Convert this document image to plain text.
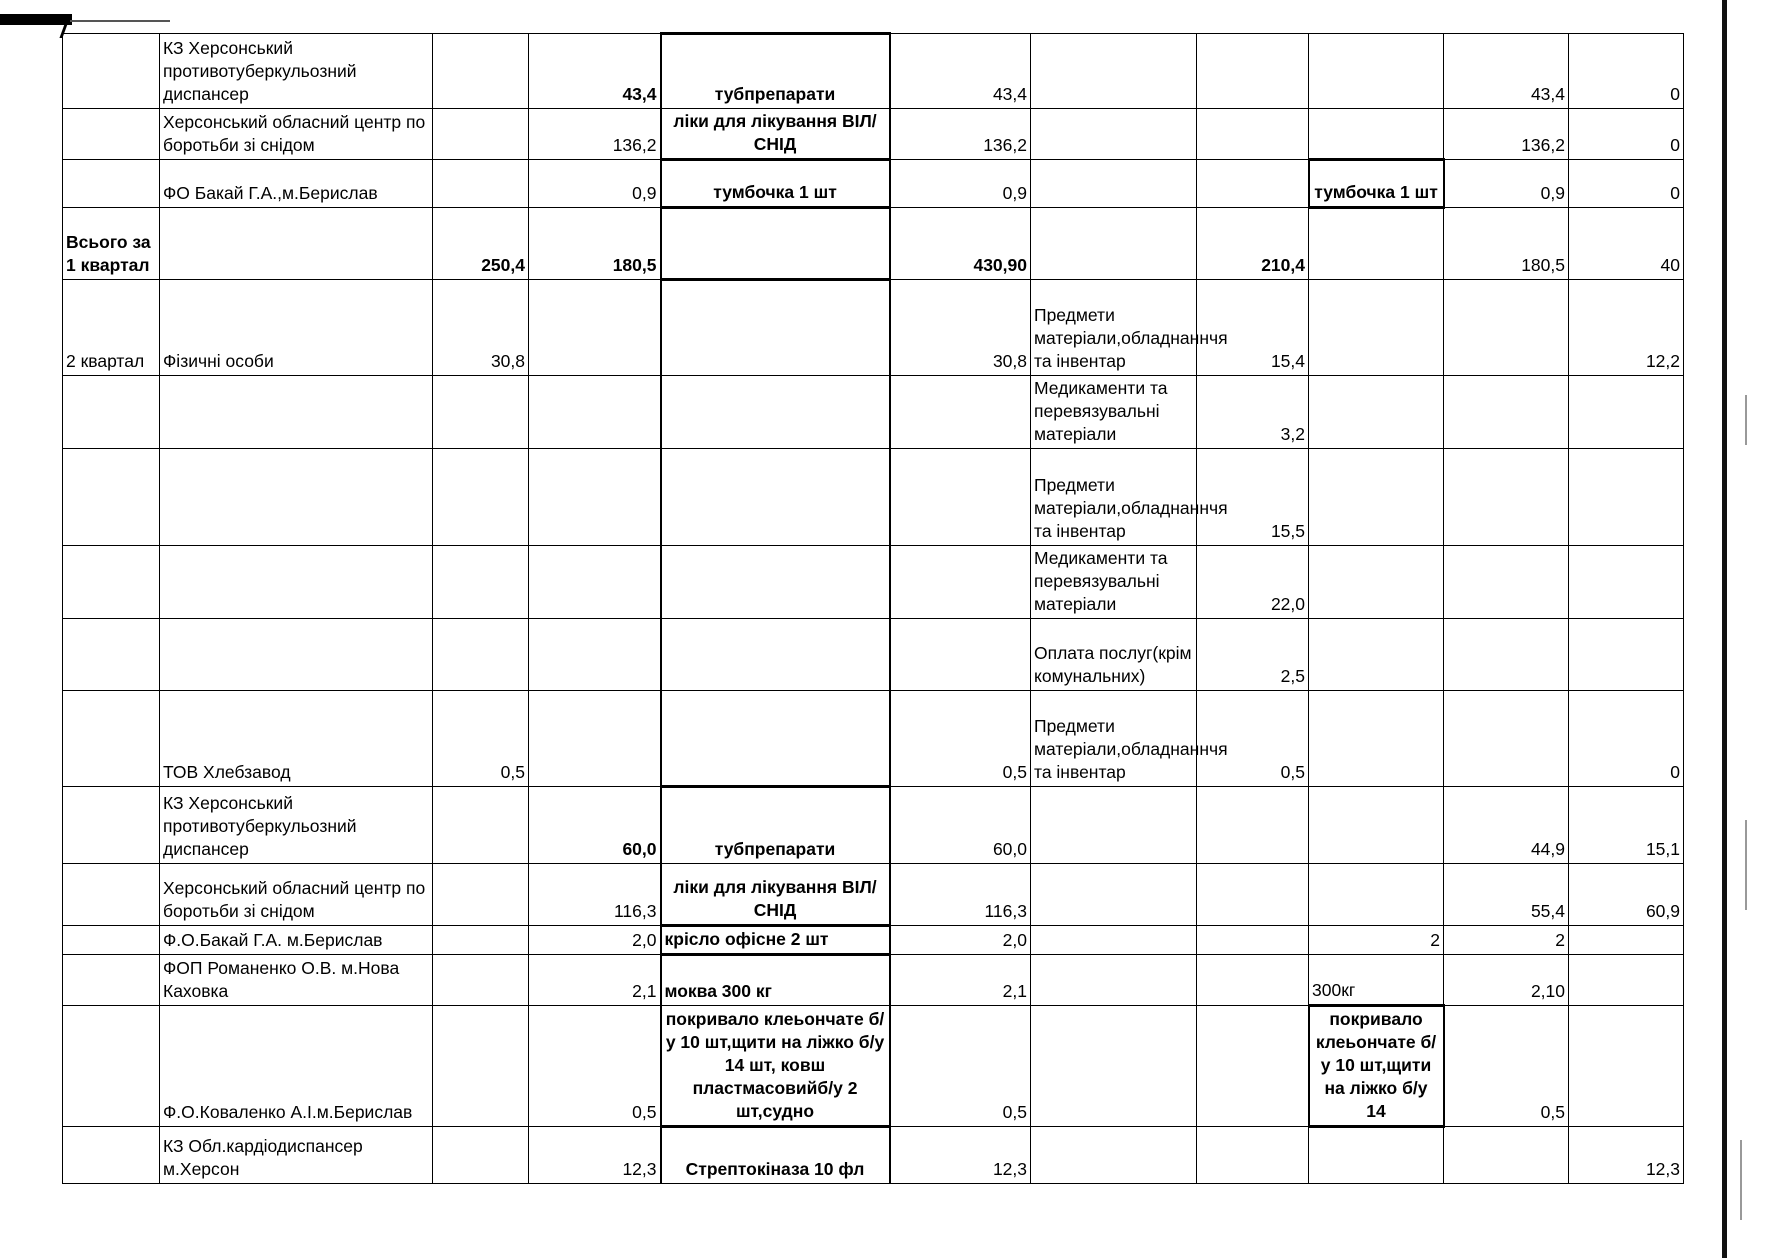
	КЗ Херсонський противотуберкульозний диспансер		43,4	тубпрепарати	43,4				43,4	0
	Херсонський обласний центр по боротьби зі снідом		136,2	ліки для лікування ВІЛ/СНІД	136,2				136,2	0
	ФО Бакай Г.А.,м.Берислав		0,9	тумбочка 1 шт	0,9			тумбочка 1 шт	0,9	0
Всього за 1 квартал		250,4	180,5		430,90		210,4		180,5	40
2 квартал	Фізичні особи	30,8			30,8	Предмети матеріали,обладнаннчя та інвентар	15,4			12,2
						Медикаменти та перевязувальні матеріали	3,2			
						Предмети матеріали,обладнаннчя та інвентар	15,5			
						Медикаменти та перевязувальні матеріали	22,0			
						Оплата послуг(крім комунальних)	2,5			
	ТОВ Хлебзавод	0,5			0,5	Предмети матеріали,обладнаннчя та інвентар	0,5			0
	КЗ Херсонський противотуберкульозний диспансер		60,0	тубпрепарати	60,0				44,9	15,1
	Херсонський обласний центр по боротьби зі снідом		116,3	ліки для лікування ВІЛ/СНІД	116,3				55,4	60,9
	Ф.О.Бакай Г.А. м.Берислав		2,0	крісло офісне 2 шт	2,0			2	2	
	ФОП Романенко О.В. м.Нова Каховка		2,1	моква 300 кг	2,1			300кг	2,10	
	Ф.О.Коваленко А.І.м.Берислав		0,5	покривало клеьончате б/у 10 шт,щити на ліжко б/у 14 шт, ковш пластмасовийб/у 2 шт,судно	0,5			покривало клеьончате б/у 10 шт,щити на ліжко б/у 14	0,5	
	КЗ Обл.кардіодиспансер м.Херсон		12,3	Стрептокіназа 10 фл	12,3					12,3
